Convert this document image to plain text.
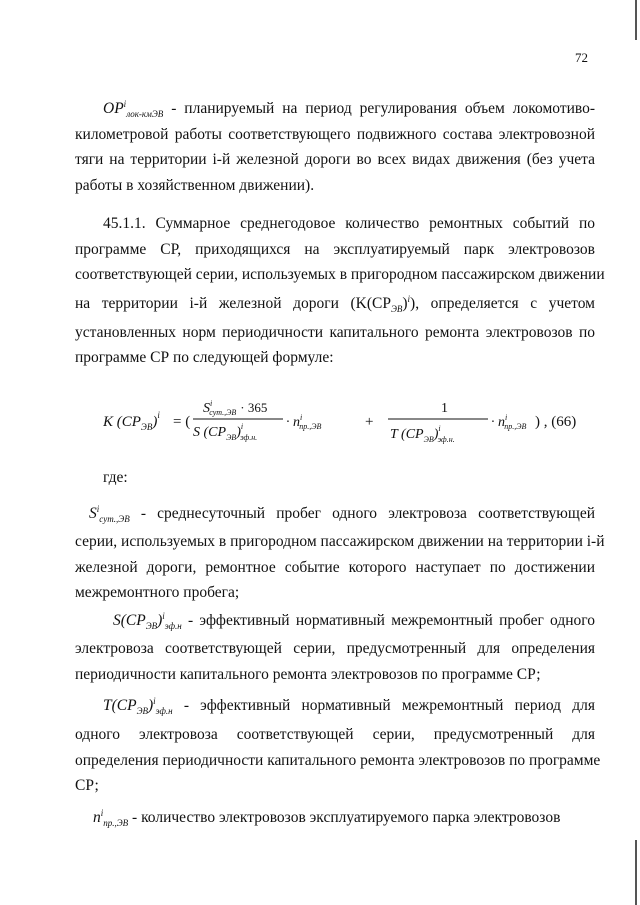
72
$OP^i_{лок-кмЭВ}$ - планируемый на период регулирования объем локомотиво-
километровой работы соответствующего подвижного состава электровозной
тяги на территории i-й железной дороги во всех видах движения (без учета
работы в хозяйственном движении).
45.1.1. Суммарное среднегодовое количество ремонтных событий по
программе СР, приходящихся на эксплуатируемый парк электровозов
соответствующей серии, используемых в пригородном пассажирском движении
на территории i-й железной дороги $(K(CP_{ЭВ})^i)$, определяется с учетом
установленных норм периодичности капитального ремонта электровозов по
программе СР по следующей формуле:
K $(CP_{ЭВ})^i$ = (
$S^i$ сут.,ЭВ · 365
S $(CP_{ЭВ})^i$ эф.н.
· $n^i$ пр.,ЭВ	+
1
T $(CP_{ЭВ})^i$ эф.н.
· $n^i$ пр.,ЭВ ) , (66)
где:
$S^i_{сут.,ЭВ}$ - среднесуточный пробег одного электровоза соответствующей
серии, используемых в пригородном пассажирском движении на территории i-й
железной дороги, ремонтное событие которого наступает по достижении
межремонтного пробега;
$S(CP_{ЭВ})^i_{эф.н}$ - эффективный нормативный межремонтный пробег одного
электровоза соответствующей серии, предусмотренный для определения
периодичности капитального ремонта электровозов по программе СР;
$T(CP_{ЭВ})^i_{эф.н}$ - эффективный нормативный межремонтный период для
одного электровоза соответствующей серии, предусмотренный для
определения периодичности капитального ремонта электровозов по программе
СР;
$n^i_{пр.,ЭВ}$ - количество электровозов эксплуатируемого парка электровозов
